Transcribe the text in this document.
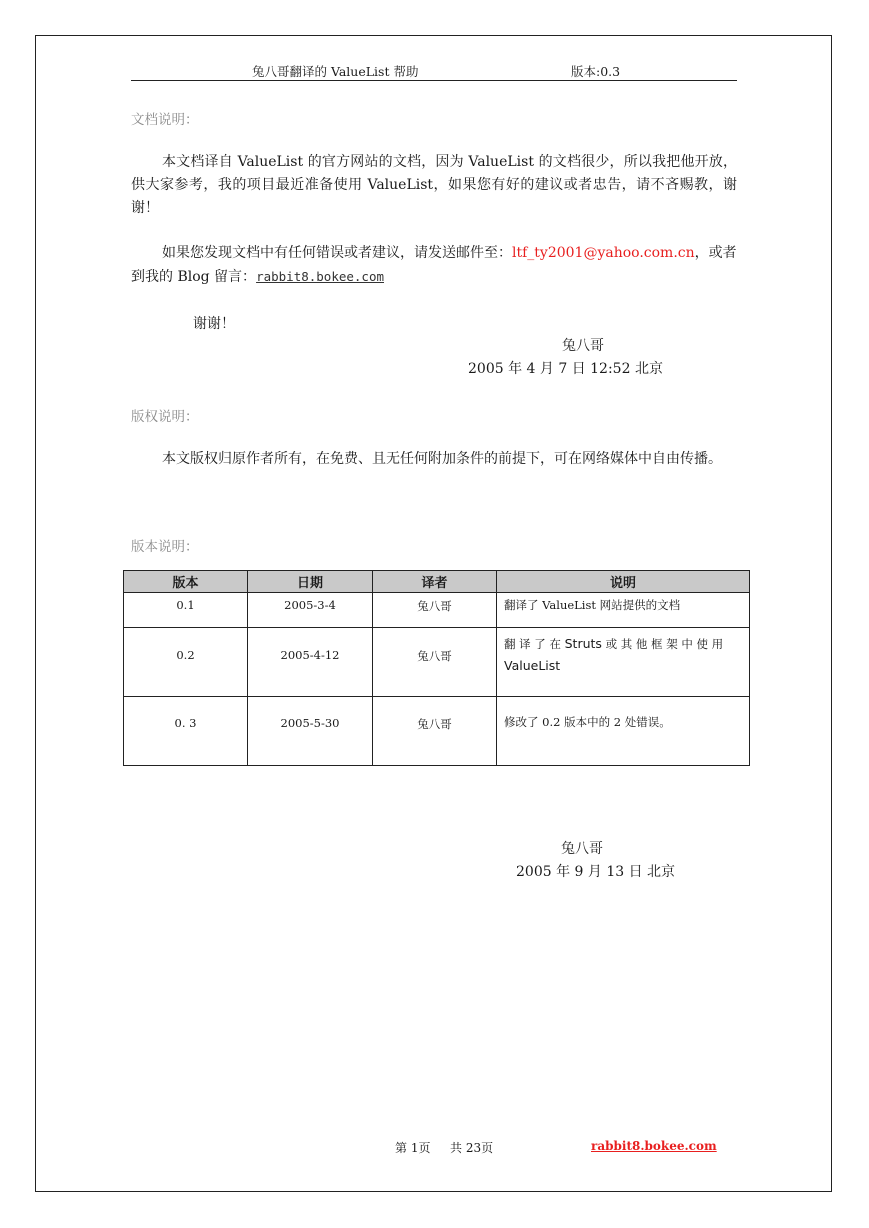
兔八哥翻译的 ValueList 帮助	版本:0.3
文档说明：
本文档译自 ValueList 的官方网站的文档，因为 ValueList 的文档很少，所以我把他开放，供大家参考，我的项目最近准备使用 ValueList，如果您有好的建议或者忠告，请不吝赐教，谢谢！
如果您发现文档中有任何错误或者建议，请发送邮件至：ltf_ty2001@yahoo.com.cn，或者到我的 Blog 留言：rabbit8.bokee.com
谢谢！
兔八哥
2005 年 4 月 7 日 12:52 北京
版权说明：
本文版权归原作者所有，在免费、且无任何附加条件的前提下，可在网络媒体中自由传播。
版本说明：
版本	日期	译者	说明
0.1	2005-3-4	兔八哥	翻译了 ValueList 网站提供的文档
0.2	2005-4-12	兔八哥	翻 译 了 在 Struts 或 其 他 框 架 中 使 用
ValueList
0. 3	2005-5-30	兔八哥	修改了 0.2 版本中的 2 处错误。
兔八哥
2005 年 9 月 13 日 北京
第 1页 共 23页	rabbit8.bokee.com
